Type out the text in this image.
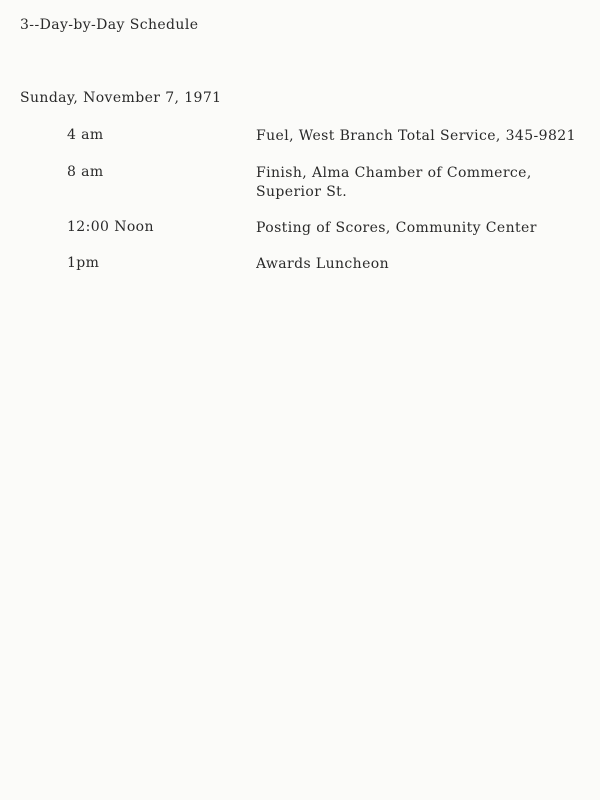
3--Day-by-Day Schedule
Sunday, November 7, 1971
4 am	Fuel, West Branch Total Service, 345-9821
8 am	Finish, Alma Chamber of Commerce,
Superior St.
12:00 Noon	Posting of Scores, Community Center
1pm	Awards Luncheon
